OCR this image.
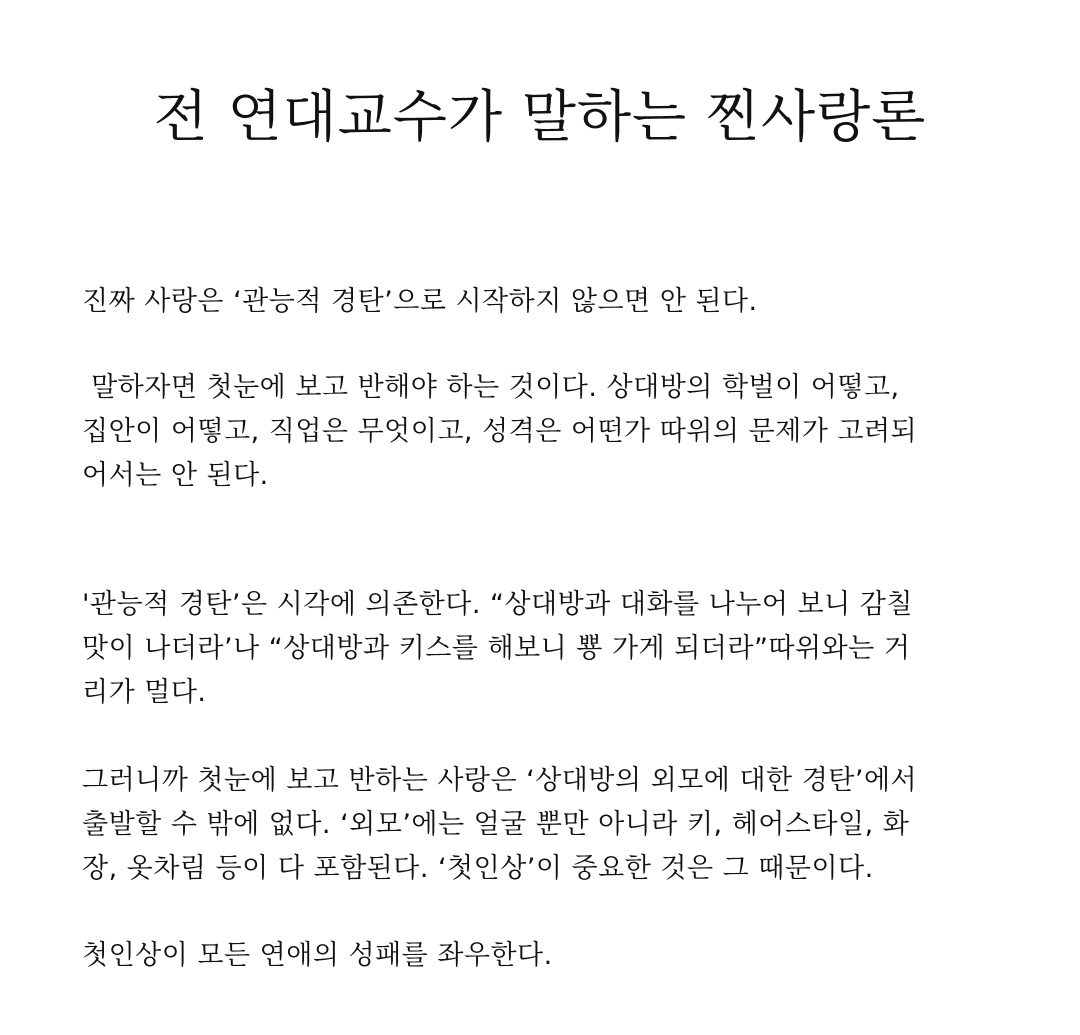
전 연대교수가 말하는 찐사랑론

진짜 사랑은 ‘관능적 경탄’으로 시작하지 않으면 안 된다.

말하자면 첫눈에 보고 반해야 하는 것이다. 상대방의 학벌이 어떻고,
집안이 어떻고, 직업은 무엇이고, 성격은 어떤가 따위의 문제가 고려되
어서는 안 된다.

'관능적 경탄’은 시각에 의존한다. “상대방과 대화를 나누어 보니 감칠
맛이 나더라’나 “상대방과 키스를 해보니 뿅 가게 되더라”따위와는 거
리가 멀다.

그러니까 첫눈에 보고 반하는 사랑은 ‘상대방의 외모에 대한 경탄’에서
출발할 수 밖에 없다. ‘외모’에는 얼굴 뿐만 아니라 키, 헤어스타일, 화
장, 옷차림 등이 다 포함된다. ‘첫인상’이 중요한 것은 그 때문이다.

첫인상이 모든 연애의 성패를 좌우한다.
